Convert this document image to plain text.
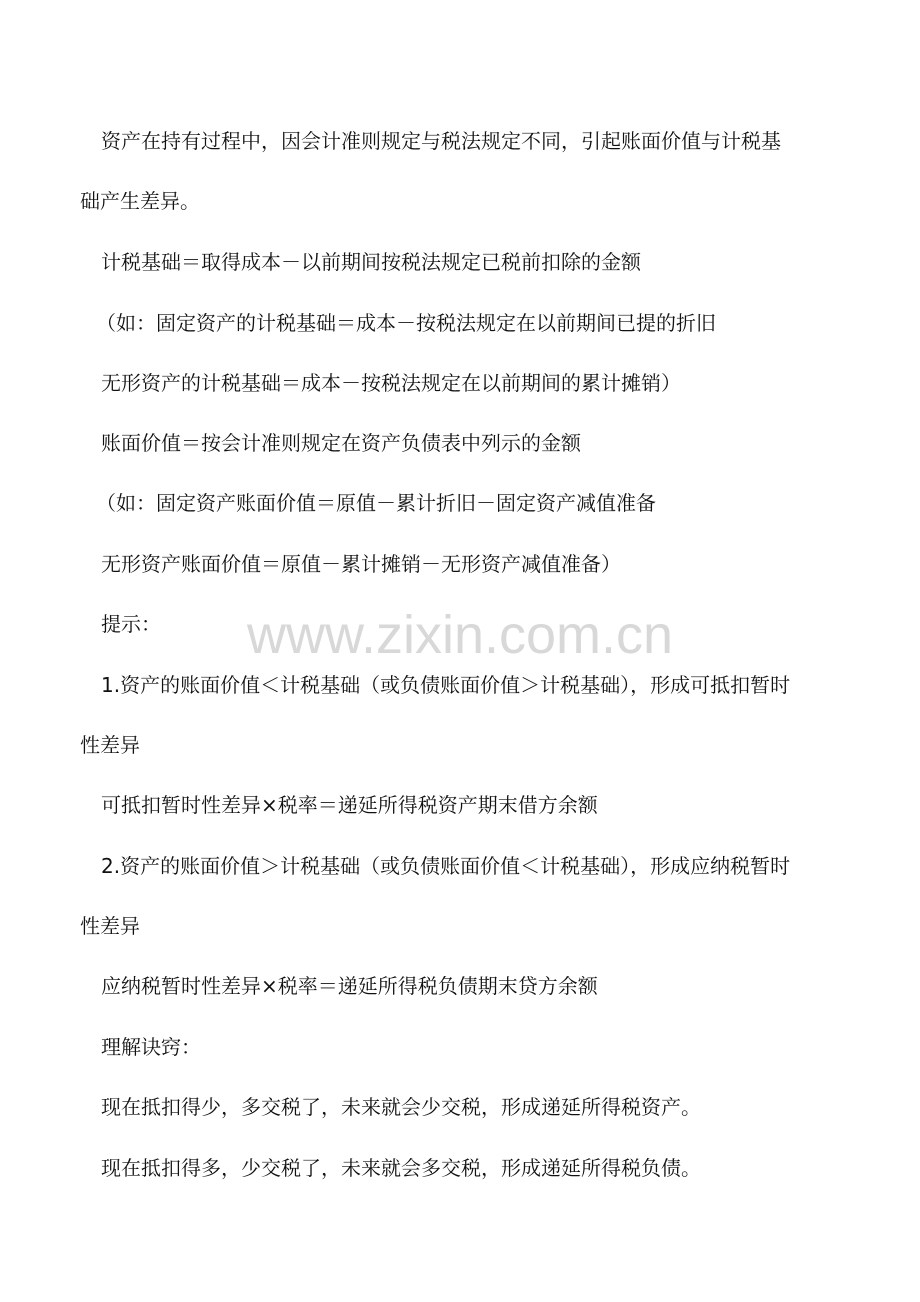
资产在持有过程中，因会计准则规定与税法规定不同，引起账面价值与计税基
础产生差异。
计税基础＝取得成本－以前期间按税法规定已税前扣除的金额
（如：固定资产的计税基础＝成本－按税法规定在以前期间已提的折旧
无形资产的计税基础＝成本－按税法规定在以前期间的累计摊销）
账面价值＝按会计准则规定在资产负债表中列示的金额
（如：固定资产账面价值＝原值－累计折旧－固定资产减值准备
无形资产账面价值＝原值－累计摊销－无形资产减值准备）
提示：
1.资产的账面价值＜计税基础（或负债账面价值＞计税基础），形成可抵扣暂时
性差异
可抵扣暂时性差异×税率＝递延所得税资产期末借方余额
2.资产的账面价值＞计税基础（或负债账面价值＜计税基础），形成应纳税暂时
性差异
应纳税暂时性差异×税率＝递延所得税负债期末贷方余额
理解诀窍：
现在抵扣得少，多交税了，未来就会少交税，形成递延所得税资产。
现在抵扣得多，少交税了，未来就会多交税，形成递延所得税负债。
www.zixin.com.cn
